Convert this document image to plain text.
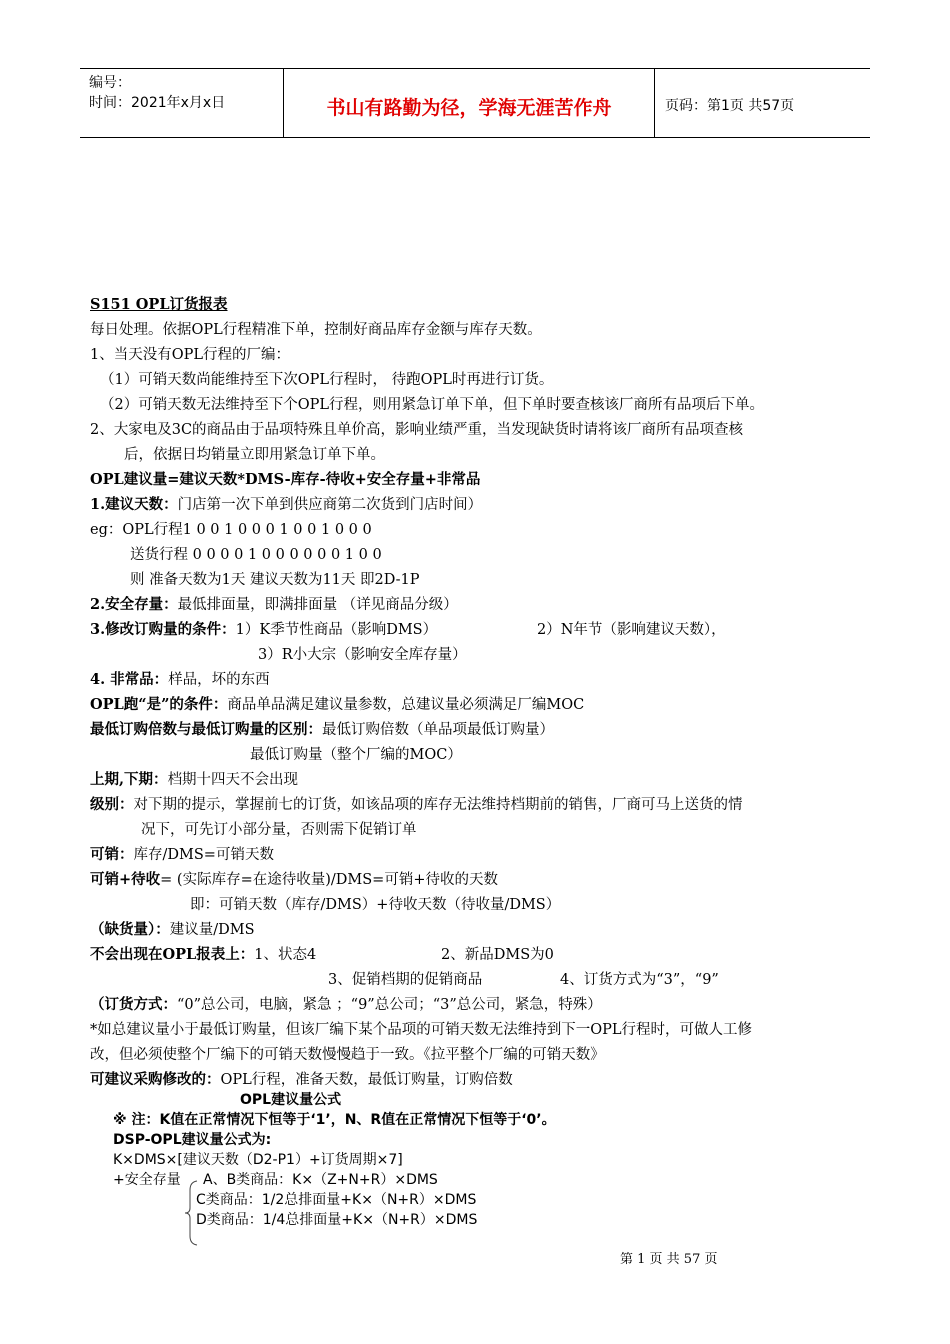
编号：
时间：2021年x月x日	书山有路勤为径，学海无涯苦作舟	页码：第1页 共57页
S151 OPL订货报表
每日处理。依据OPL行程精准下单，控制好商品库存金额与库存天数。
1、当天没有OPL行程的厂编：
（1）可销天数尚能维持至下次OPL行程时， 待跑OPL时再进行订货。
（2）可销天数无法维持至下个OPL行程，则用紧急订单下单，但下单时要查核该厂商所有品项后下单。
2、大家电及3C的商品由于品项特殊且单价高，影响业绩严重，当发现缺货时请将该厂商所有品项查核
后，依据日均销量立即用紧急订单下单。
OPL建议量=建议天数*DMS-库存-待收+安全存量+非常品
1.建议天数：门店第一次下单到供应商第二次货到门店时间）
eg：OPL行程1 0 0 1 0 0 0 1 0 0 1 0 0 0
送货行程 0 0 0 0 1 0 0 0 0 0 0 1 0 0
则 准备天数为1天 建议天数为11天 即2D-1P
2.安全存量：最低排面量，即满排面量 （详见商品分级）
3.修改订购量的条件：1）K季节性商品（影响DMS）	2）N年节（影响建议天数），
3）R小大宗（影响安全库存量）
4. 非常品：样品，坏的东西
OPL跑“是”的条件：商品单品满足建议量参数，总建议量必须满足厂编MOC
最低订购倍数与最低订购量的区别：最低订购倍数（单品项最低订购量）
最低订购量（整个厂编的MOC）
上期,下期：档期十四天不会出现
级别：对下期的提示，掌握前七的订货，如该品项的库存无法维持档期前的销售，厂商可马上送货的情
况下，可先订小部分量，否则需下促销订单
可销：库存/DMS=可销天数
可销+待收= (实际库存=在途待收量)/DMS=可销+待收的天数
即：可销天数（库存/DMS）+待收天数（待收量/DMS）
（缺货量）：建议量/DMS
不会出现在OPL报表上：1、状态4	2、新品DMS为0
3、促销档期的促销商品	4、订货方式为“3”，“9”
（订货方式：“0”总公司，电脑，紧急 ；“9”总公司；“3”总公司，紧急，特殊）
*如总建议量小于最低订购量，但该厂编下某个品项的可销天数无法维持到下一OPL行程时，可做人工修
改，但必须使整个厂编下的可销天数慢慢趋于一致。《拉平整个厂编的可销天数》
可建议采购修改的：OPL行程，准备天数，最低订购量，订购倍数
OPL建议量公式
※ 注：K值在正常情况下恒等于‘1’，N、R值在正常情况下恒等于‘0’。
DSP-OPL建议量公式为:
K×DMS×[建议天数（D2-P1）+订货周期×7]
+安全存量 A、B类商品：K×（Z+N+R）×DMS
C类商品：1/2总排面量+K×（N+R）×DMS
D类商品：1/4总排面量+K×（N+R）×DMS
第 1 页 共 57 页
